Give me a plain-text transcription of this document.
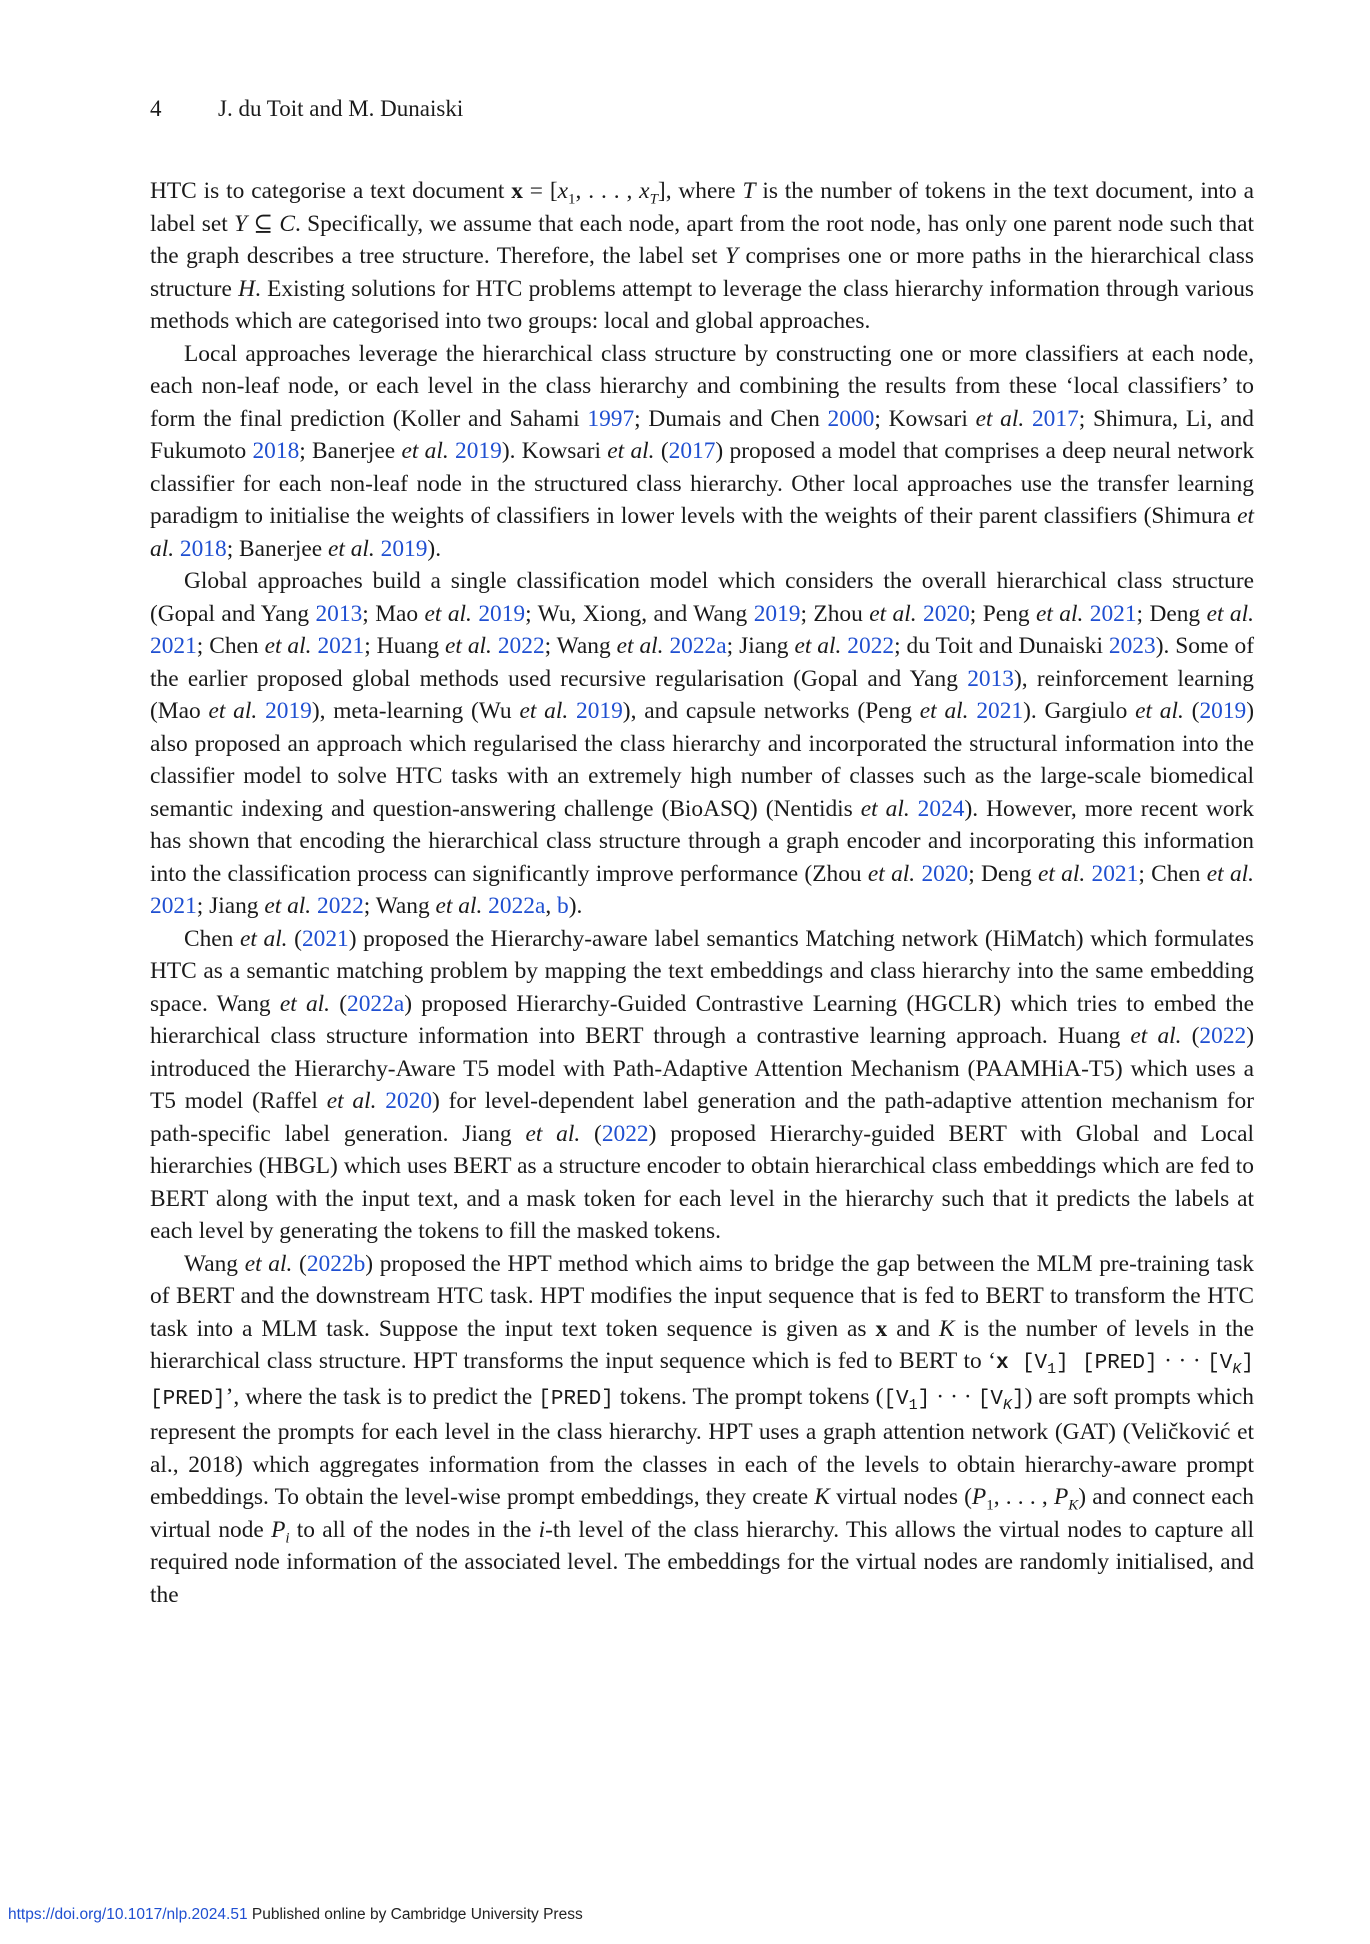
4 J. du Toit and M. Dunaiski

HTC is to categorise a text document $x = [x_1$, . . . , $x_T$], where T is the number of tokens in the text document, into a label set Y ⊆ C. Specifically, we assume that each node, apart from the root node, has only one parent node such that the graph describes a tree structure. Therefore, the label set Y comprises one or more paths in the hierarchical class structure H. Existing solutions for HTC problems attempt to leverage the class hierarchy information through various methods which are categorised into two groups: local and global approaches.

Local approaches leverage the hierarchical class structure by constructing one or more classifiers at each node, each non-leaf node, or each level in the class hierarchy and combining the results from these ‘local classifiers’ to form the final prediction (Koller and Sahami 1997; Dumais and Chen 2000; Kowsari et al. 2017; Shimura, Li, and Fukumoto 2018; Banerjee et al. 2019). Kowsari et al. (2017) proposed a model that comprises a deep neural network classifier for each non-leaf node in the structured class hierarchy. Other local approaches use the transfer learning paradigm to initialise the weights of classifiers in lower levels with the weights of their parent classifiers (Shimura et al. 2018; Banerjee et al. 2019).

Global approaches build a single classification model which considers the overall hierarchical class structure (Gopal and Yang 2013; Mao et al. 2019; Wu, Xiong, and Wang 2019; Zhou et al. 2020; Peng et al. 2021; Deng et al. 2021; Chen et al. 2021; Huang et al. 2022; Wang et al. 2022a; Jiang et al. 2022; du Toit and Dunaiski 2023). Some of the earlier proposed global methods used recursive regularisation (Gopal and Yang 2013), reinforcement learning (Mao et al. 2019), meta-learning (Wu et al. 2019), and capsule networks (Peng et al. 2021). Gargiulo et al. (2019) also proposed an approach which regularised the class hierarchy and incorporated the structural information into the classifier model to solve HTC tasks with an extremely high number of classes such as the large-scale biomedical semantic indexing and question-answering challenge (BioASQ) (Nentidis et al. 2024). However, more recent work has shown that encoding the hierarchical class structure through a graph encoder and incorporating this information into the classification process can significantly improve performance (Zhou et al. 2020; Deng et al. 2021; Chen et al. 2021; Jiang et al. 2022; Wang et al. 2022a, b).

Chen et al. (2021) proposed the Hierarchy-aware label semantics Matching network (HiMatch) which formulates HTC as a semantic matching problem by mapping the text embeddings and class hierarchy into the same embedding space. Wang et al. (2022a) proposed Hierarchy-Guided Contrastive Learning (HGCLR) which tries to embed the hierarchical class structure information into BERT through a contrastive learning approach. Huang et al. (2022) introduced the Hierarchy-Aware T5 model with Path-Adaptive Attention Mechanism (PAAMHiA-T5) which uses a T5 model (Raffel et al. 2020) for level-dependent label generation and the path-adaptive attention mechanism for path-specific label generation. Jiang et al. (2022) proposed Hierarchy-guided BERT with Global and Local hierarchies (HBGL) which uses BERT as a structure encoder to obtain hierarchical class embeddings which are fed to BERT along with the input text, and a mask token for each level in the hierarchy such that it predicts the labels at each level by generating the tokens to fill the masked tokens.

Wang et al. (2022b) proposed the HPT method which aims to bridge the gap between the MLM pre-training task of BERT and the downstream HTC task. HPT modifies the input sequence that is fed to BERT to transform the HTC task into a MLM task. Suppose the input text token sequence is given as x and K is the number of levels in the hierarchical class structure. HPT transforms the input sequence which is fed to BERT to ‘x $[V_1]$ [PRED] · · · $[V_K]$ [PRED]’, where the task is to predict the [PRED] tokens. The prompt tokens ($[V_1]$ · · · $[V_K]$) are soft prompts which represent the prompts for each level in the class hierarchy. HPT uses a graph attention network (GAT) (Veličković et al., 2018) which aggregates information from the classes in each of the levels to obtain hierarchy-aware prompt embeddings. To obtain the level-wise prompt embeddings, they create K virtual nodes ($P_1$, . . . , $P_K$) and connect each virtual node $P_i$ to all of the nodes in the i-th level of the class hierarchy. This allows the virtual nodes to capture all required node information of the associated level. The embeddings for the virtual nodes are randomly initialised, and the

https://doi.org/10.1017/nlp.2024.51 Published online by Cambridge University Press
